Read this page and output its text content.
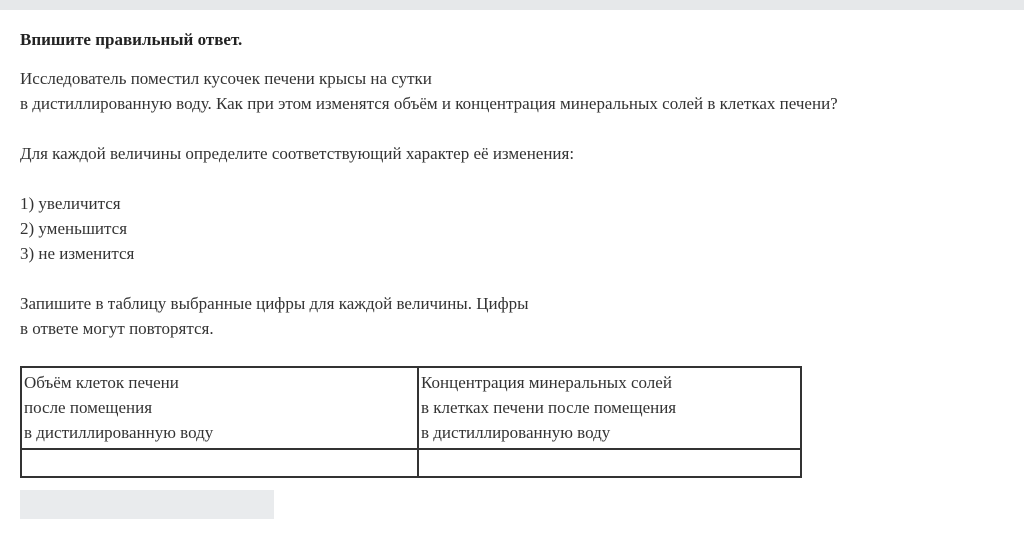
Впишите правильный ответ.

Исследователь поместил кусочек печени крысы на сутки
в дистиллированную воду. Как при этом изменятся объём и концентрация минеральных солей в клетках печени?

Для каждой величины определите соответствующий характер её изменения:

1) увеличится
2) уменьшится
3) не изменится

Запишите в таблицу выбранные цифры для каждой величины. Цифры
в ответе могут повторятся.

Объём клеток печени
после помещения
в дистиллированную воду	Концентрация минеральных солей
в клетках печени после помещения
в дистиллированную воду
